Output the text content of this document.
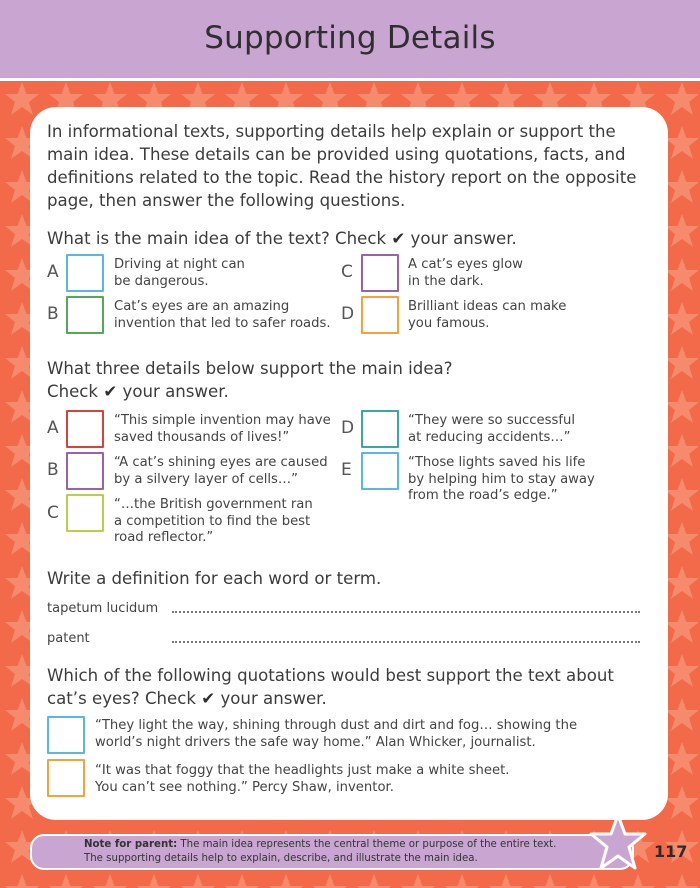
Supporting Details

In informational texts, supporting details help explain or support the main idea. These details can be provided using quotations, facts, and definitions related to the topic. Read the history report on the opposite page, then answer the following questions.

What is the main idea of the text? Check ✔ your answer.

A	Driving at night can
be dangerous.
B	Cat’s eyes are an amazing
invention that led to safer roads.
C	A cat’s eyes glow
in the dark.
D	Brilliant ideas can make
you famous.

What three details below support the main idea?
Check ✔ your answer.

A	“This simple invention may have
saved thousands of lives!”
B	“A cat’s shining eyes are caused
by a silvery layer of cells…”
C	“…the British government ran
a competition to find the best
road reflector.”
D	“They were so successful
at reducing accidents…”
E	“Those lights saved his life
by helping him to stay away
from the road’s edge.”

Write a definition for each word or term.

tapetum lucidum
patent

Which of the following quotations would best support the text about
cat’s eyes? Check ✔ your answer.

“They light the way, shining through dust and dirt and fog… showing the
world’s night drivers the safe way home.” Alan Whicker, journalist.
“It was that foggy that the headlights just make a white sheet.
You can’t see nothing.” Percy Shaw, inventor.
Note for parent: The main idea represents the central theme or purpose of the entire text.
The supporting details help to explain, describe, and illustrate the main idea.	117
